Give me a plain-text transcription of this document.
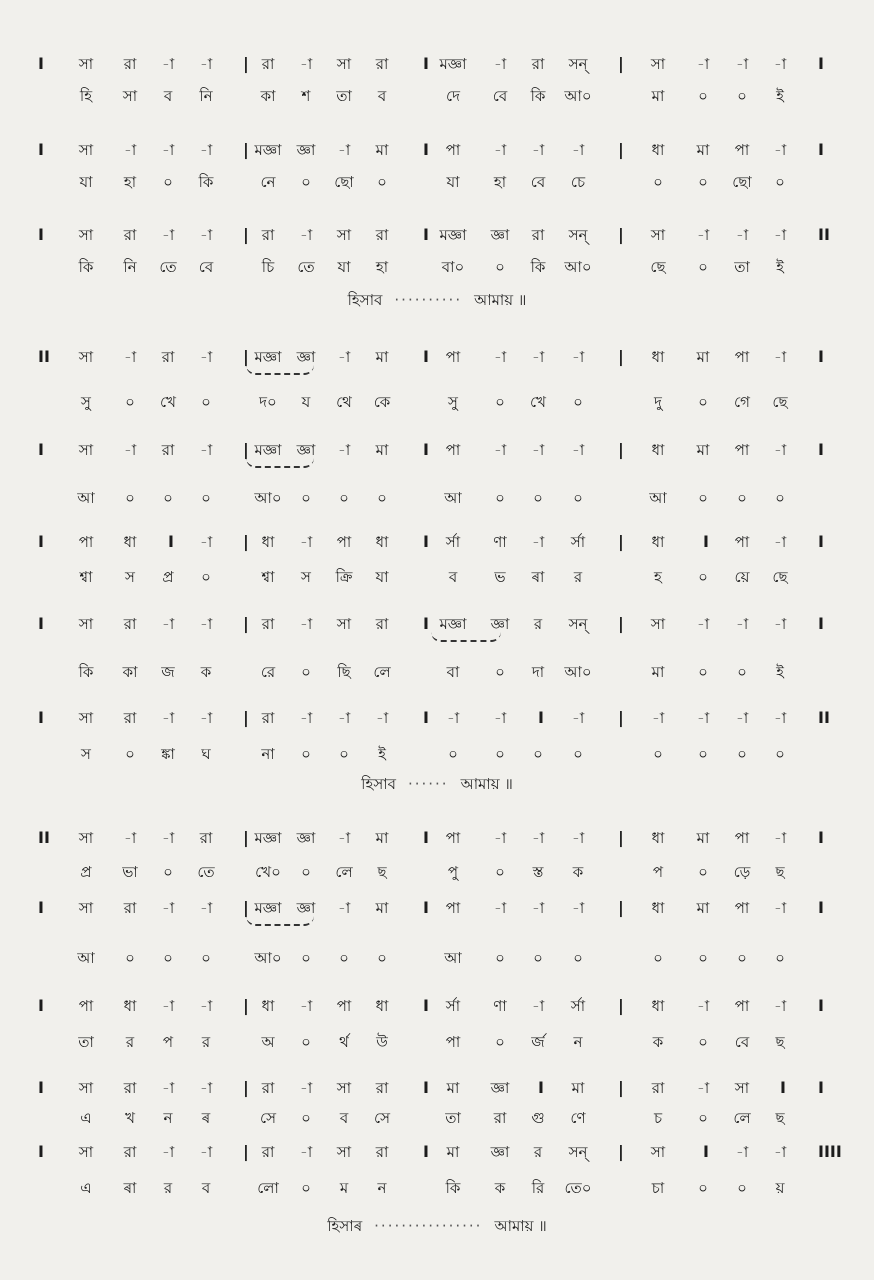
I সা রা -া -া | রা -া সা রা I মজ্ঞা -া রা সন্ | সা -া -া -া I
হি সা ব নি	কা শ তা ব	দে বে কি আ০	মা ০ ০ ই
I সা -া -া -া | মজ্ঞা জ্ঞা -া মা I পা -া -া -া | ধা মা পা -া I
যা হা ০ কি	নে ০ ছো ০	যা হা বে চে	০ ০ ছো ০
I সা রা -া -া | রা -া সা রা I মজ্ঞা জ্ঞা রা সন্ | সা -া -া -া II
কি নি তে বে	চি তে যা হা	বা০ ০ কি আ০	ছে ০ তা ই
হিসাব ·········· আমায় ॥
II সা -া রা -া | মজ্ঞা জ্ঞা -া মা I পা -া -া -া | ধা মা পা -া I
সু ০ খে ০	দ০ য থে কে	সু ০ খে ০	দু ০ গে ছে
I সা -া রা -া | মজ্ঞা জ্ঞা -া মা I পা -া -া -া | ধা মা পা -া I
আ ০ ০ ০	আ০ ০ ০ ০	আ ০ ০ ০	আ ০ ০ ০
I পা ধা I -া | ধা -া পা ধা I র্সা ণা -া র্সা | ধা I পা -া I
শ্বা স প্র ০	শ্বা স ক্রি যা	ব ভ ৰা র	হ ০ য়ে ছে
I সা রা -া -া | রা -া সা রা I মজ্ঞা জ্ঞা র সন্ | সা -া -া -া I
কি কা জ ক	রে ০ ছি লে	বা ০ দা আ০	মা ০ ০ ই
I সা রা -া -া | রা -া -া -া I -া -া I -া | -া -া -া -া II
স ০ ঙ্কা ঘ	না ০ ০ ই	০ ০ ০ ০	০ ০ ০ ০
হিসাব ······ আমায় ॥
II সা -া -া রা | মজ্ঞা জ্ঞা -া মা I পা -া -া -া | ধা মা পা -া I
প্র ভা ০ তে	খে০ ০ লে ছ	পু ০ স্ত ক	প ০ ড়ে ছ
I সা রা -া -া | মজ্ঞা জ্ঞা -া মা I পা -া -া -া | ধা মা পা -া I
আ ০ ০ ০	আ০ ০ ০ ০	আ ০ ০ ০	০ ০ ০ ০
I পা ধা -া -া | ধা -া পা ধা I র্সা ণা -া র্সা | ধা -া পা -া I
তা র প র	অ ০ র্থ উ	পা ০ র্জ ন	ক ০ বে ছ
I সা রা -া -া | রা -া সা রা I মা জ্ঞা I মা | রা -া সা I I
এ খ ন ৰ	সে ০ ব সে	তা রা গু ণে	চ ০ লে ছ
I সা রা -া -া | রা -া সা রা I মা জ্ঞা র সন্ | সা I -া -া IIII
এ ৰা র ব	লো ০ ম ন	কি ক রি তে০	চা ০ ০ য়
হিসাৰ ················ আমায় ॥
